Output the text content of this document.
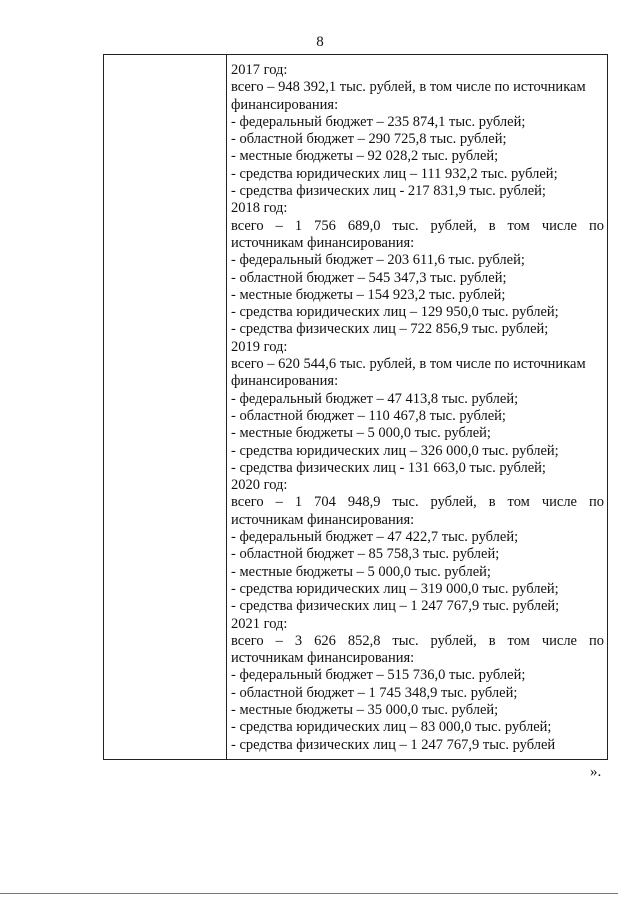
8
2017 год:
всего – 948 392,1 тыс. рублей, в том числе по источникам
финансирования:
- федеральный бюджет – 235 874,1 тыс. рублей;
- областной бюджет – 290 725,8 тыс. рублей;
- местные бюджеты – 92 028,2 тыс. рублей;
- средства юридических лиц – 111 932,2 тыс. рублей;
- средства физических лиц - 217 831,9 тыс. рублей;
2018 год:
всего – 1 756 689,0 тыс. рублей, в том числе по
источникам финансирования:
- федеральный бюджет – 203 611,6 тыс. рублей;
- областной бюджет – 545 347,3 тыс. рублей;
- местные бюджеты – 154 923,2 тыс. рублей;
- средства юридических лиц – 129 950,0 тыс. рублей;
- средства физических лиц – 722 856,9 тыс. рублей;
2019 год:
всего – 620 544,6 тыс. рублей, в том числе по источникам
финансирования:
- федеральный бюджет – 47 413,8 тыс. рублей;
- областной бюджет – 110 467,8 тыс. рублей;
- местные бюджеты – 5 000,0 тыс. рублей;
- средства юридических лиц – 326 000,0 тыс. рублей;
- средства физических лиц - 131 663,0 тыс. рублей;
2020 год:
всего – 1 704 948,9 тыс. рублей, в том числе по
источникам финансирования:
- федеральный бюджет – 47 422,7 тыс. рублей;
- областной бюджет – 85 758,3 тыс. рублей;
- местные бюджеты – 5 000,0 тыс. рублей;
- средства юридических лиц – 319 000,0 тыс. рублей;
- средства физических лиц – 1 247 767,9 тыс. рублей;
2021 год:
всего – 3 626 852,8 тыс. рублей, в том числе по
источникам финансирования:
- федеральный бюджет – 515 736,0 тыс. рублей;
- областной бюджет – 1 745 348,9 тыс. рублей;
- местные бюджеты – 35 000,0 тыс. рублей;
- средства юридических лиц – 83 000,0 тыс. рублей;
- средства физических лиц – 1 247 767,9 тыс. рублей
».
